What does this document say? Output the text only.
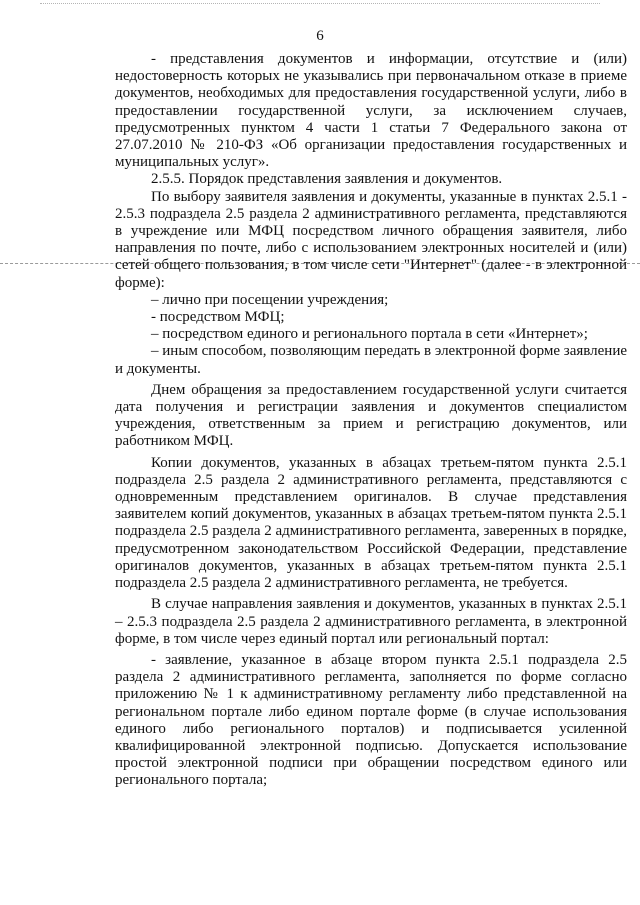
6

- представления документов и информации, отсутствие и (или) недостоверность которых не указывались при первоначальном отказе в приеме документов, необходимых для предоставления государственной услуги, либо в предоставлении государственной услуги, за исключением случаев, предусмотренных пунктом 4 части 1 статьи 7 Федерального закона от 27.07.2010 № 210-ФЗ «Об организации предоставления государственных и муниципальных услуг».

2.5.5. Порядок представления заявления и документов.

По выбору заявителя заявления и документы, указанные в пунктах 2.5.1 - 2.5.3 подраздела 2.5 раздела 2 административного регламента, представляются в учреждение или МФЦ посредством личного обращения заявителя, либо направления по почте, либо с использованием электронных носителей и (или) сетей общего пользования, в том числе сети "Интернет" (далее - в электронной форме):

– лично при посещении учреждения;

- посредством МФЦ;

– посредством единого и регионального портала в сети «Интернет»;

– иным способом, позволяющим передать в электронной форме заявление и документы.

Днем обращения за предоставлением государственной услуги считается дата получения и регистрации заявления и документов специалистом учреждения, ответственным за прием и регистрацию документов, или работником МФЦ.

Копии документов, указанных в абзацах третьем-пятом пункта 2.5.1 подраздела 2.5 раздела 2 административного регламента, представляются с одновременным представлением оригиналов. В случае представления заявителем копий документов, указанных в абзацах третьем-пятом пункта 2.5.1 подраздела 2.5 раздела 2 административного регламента, заверенных в порядке, предусмотренном законодательством Российской Федерации, представление оригиналов документов, указанных в абзацах третьем-пятом пункта 2.5.1 подраздела 2.5 раздела 2 административного регламента, не требуется.

В случае направления заявления и документов, указанных в пунктах 2.5.1 – 2.5.3 подраздела 2.5 раздела 2 административного регламента, в электронной форме, в том числе через единый портал или региональный портал:

- заявление, указанное в абзаце втором пункта 2.5.1 подраздела 2.5 раздела 2 административного регламента, заполняется по форме согласно приложению № 1 к административному регламенту либо представленной на региональном портале либо едином портале форме (в случае использования единого либо регионального порталов) и подписывается усиленной квалифицированной электронной подписью. Допускается использование простой электронной подписи при обращении посредством единого или регионального портала;
